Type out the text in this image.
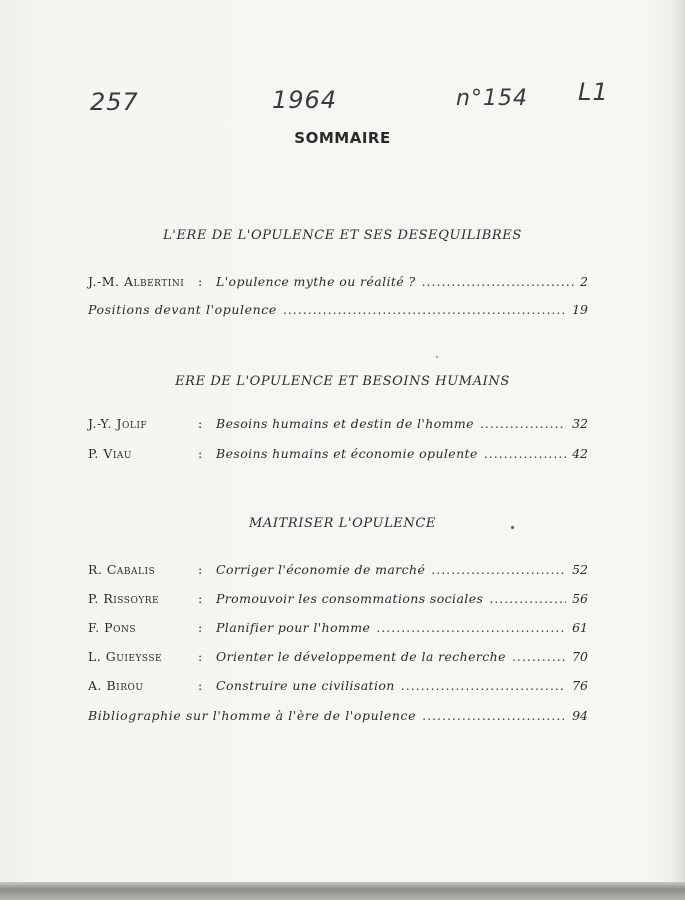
257	1964	n°154 L1
SOMMAIRE
L'ERE DE L'OPULENCE ET SES DESEQUILIBRES
J.-M. Albertini	:	L'opulence mythe ou réalité ? .....	2
Positions devant l'opulence .....	19
ERE DE L'OPULENCE ET BESOINS HUMAINS
J.-Y. Jolif	:	Besoins humains et destin de l'homme .....	32
P. Viau	:	Besoins humains et économie opulente .....	42
MAITRISER L'OPULENCE
R. Cabalis	:	Corriger l'économie de marché .....	52
P. Rissoyre	:	Promouvoir les consommations sociales .....	56
F. Pons	:	Planifier pour l'homme .....	61
L. Guieysse	:	Orienter le développement de la recherche .....	70
A. Birou	:	Construire une civilisation .....	76
Bibliographie sur l'homme à l'ère de l'opulence .....	94
